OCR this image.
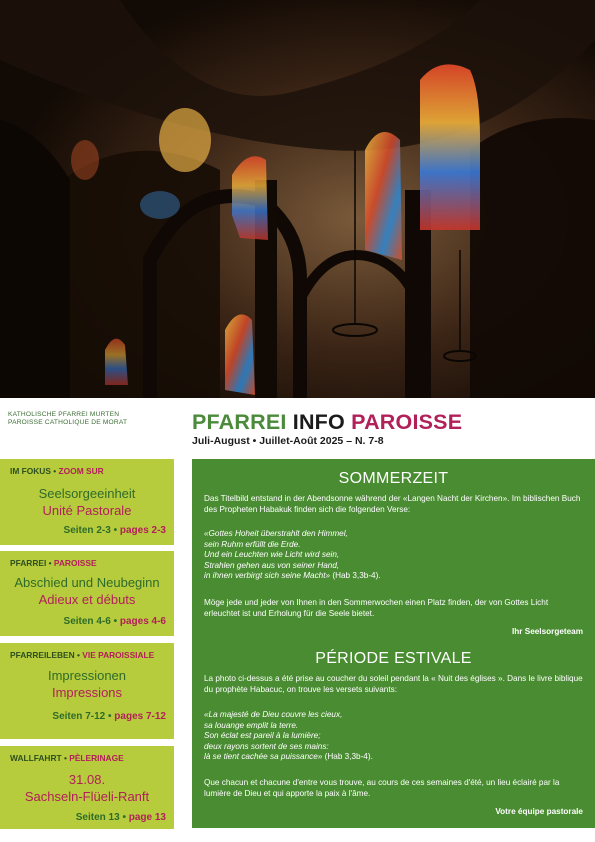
KATHOLISCHE PFARREI MURTEN
PAROISSE CATHOLIQUE DE MORAT	PFARREI INFO PAROISSE
Juli-August • Juillet-Août 2025 – N. 7-8
IM FOKUS • ZOOM SUR
Seelsorgeeinheit
Unité Pastorale
Seiten 2-3 • pages 2-3
PFARREI • PAROISSE
Abschied und Neubeginn
Adieux et débuts
Seiten 4-6 • pages 4-6
PFARREILEBEN • VIE PAROISSIALE
Impressionen
Impressions
Seiten 7-12 • pages 7-12
WALLFAHRT • PÈLERINAGE
31.08.
Sachseln-Flüeli-Ranft
Seiten 13 • page 13
SOMMERZEIT
Das Titelbild entstand in der Abendsonne während der «Langen Nacht der Kirchen». Im biblischen Buch des Propheten Habakuk finden sich die folgenden Verse:
«Gottes Hoheit überstrahlt den Himmel,
sein Ruhm erfüllt die Erde.
Und ein Leuchten wie Licht wird sein,
Strahlen gehen aus von seiner Hand,
in ihnen verbirgt sich seine Macht» (Hab 3,3b-4).
Möge jede und jeder von Ihnen in den Sommerwochen einen Platz finden, der von Gottes Licht erleuchtet ist und Erholung für die Seele bietet.
Ihr Seelsorgeteam
PÉRIODE ESTIVALE
La photo ci-dessus a été prise au coucher du soleil pendant la « Nuit des églises ». Dans le livre biblique du prophète Habacuc, on trouve les versets suivants:
«La majesté de Dieu couvre les cieux,
sa louange emplit la terre.
Son éclat est pareil à la lumière;
deux rayons sortent de ses mains:
là se tient cachée sa puissance» (Hab 3,3b-4).
Que chacun et chacune d'entre vous trouve, au cours de ces semaines d'été, un lieu éclairé par la lumière de Dieu et qui apporte la paix à l'âme.
Votre équipe pastorale
